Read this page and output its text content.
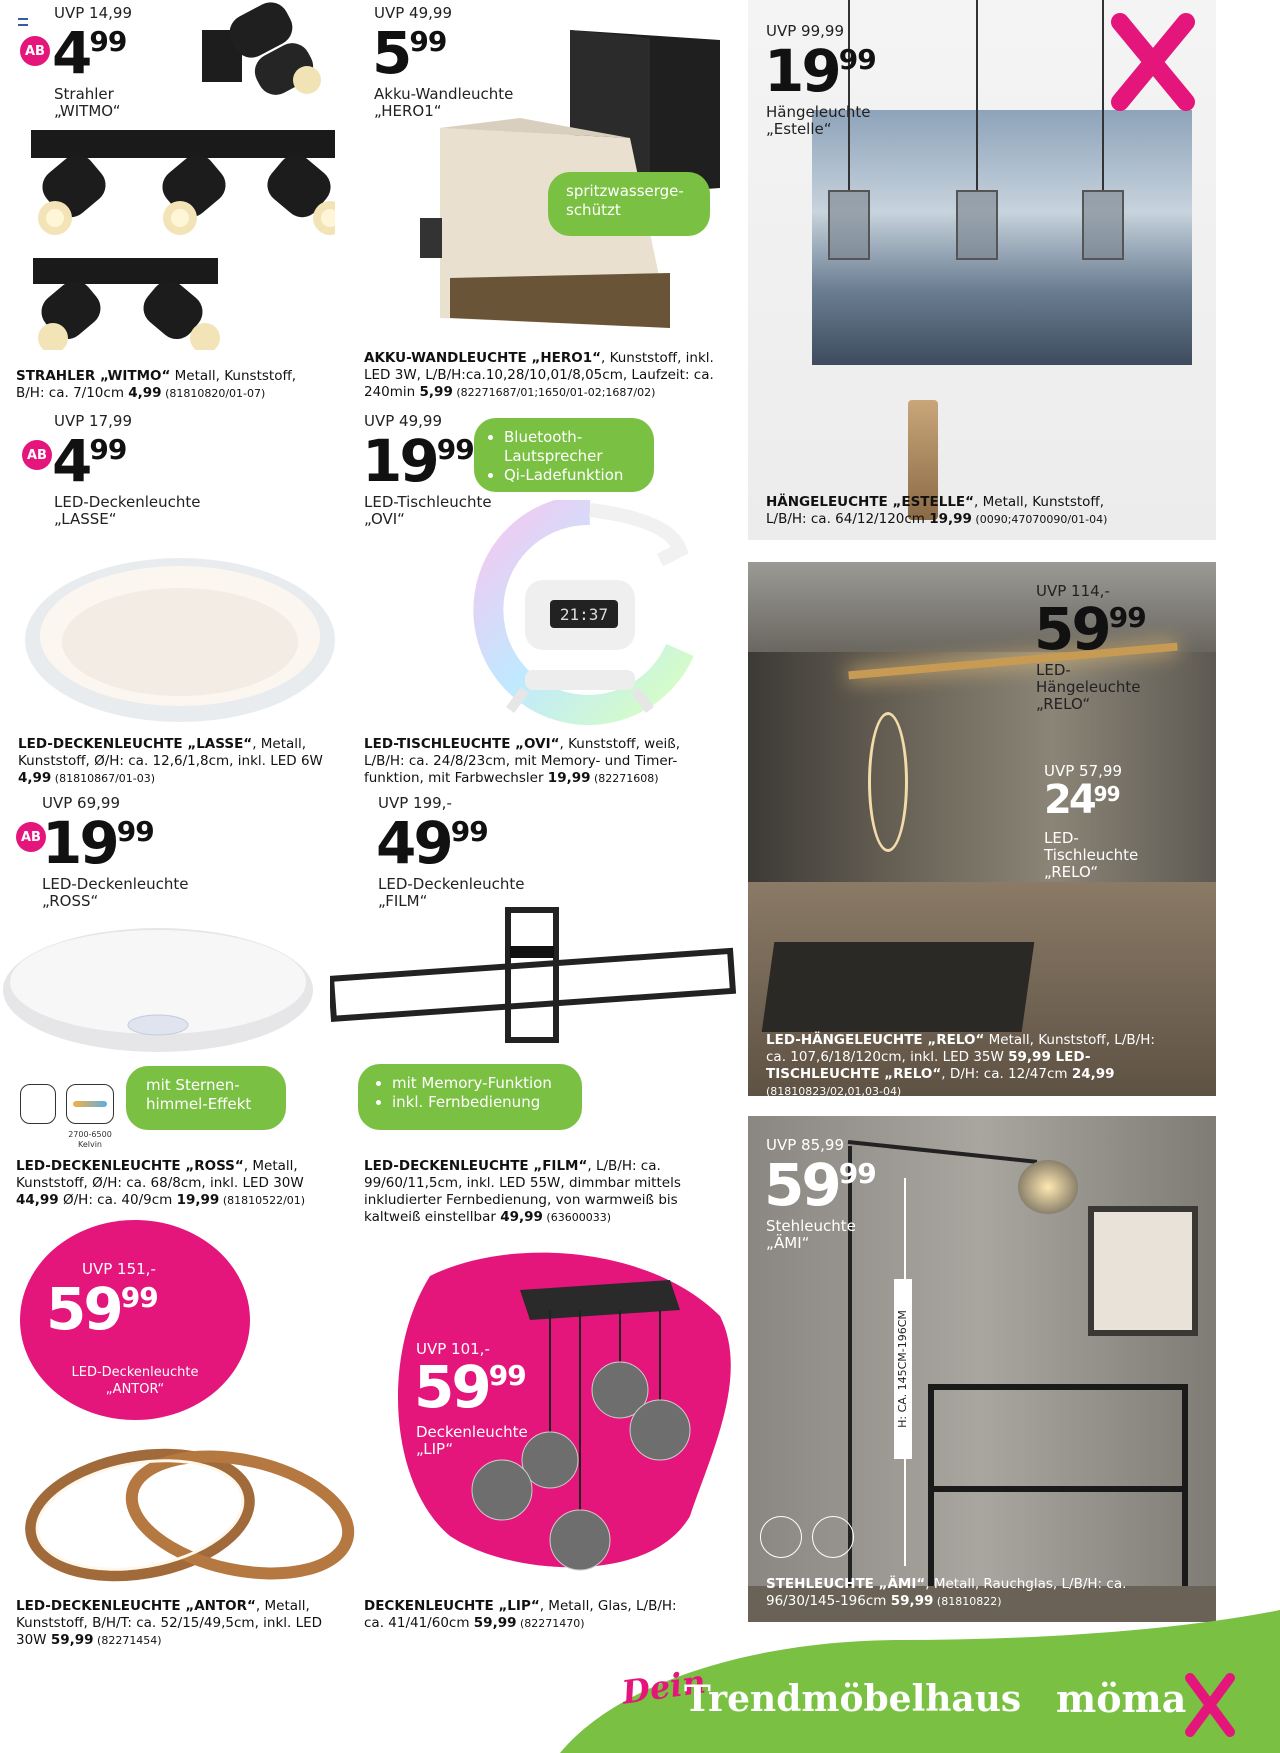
UVP 14,99
AB 499
Strahler
„WITMO“
STRAHLER „WITMO“ Metall, Kunststoff, B/H: ca. 7/10cm 4,99 (81810820/01-07)
UVP 49,99
599
Akku-Wandleuchte
„HERO1“
spritzwasserge-schützt
AKKU-WANDLEUCHTE „HERO1“, Kunststoff, inkl. LED 3W, L/B/H:ca.10,28/10,01/8,05cm, Laufzeit: ca. 240min 5,99 (82271687/01;1650/01-02;1687/02)
UVP 99,99
1999
Hängeleuchte
„Estelle“
HÄNGELEUCHTE „ESTELLE“, Metall, Kunststoff, L/B/H: ca. 64/12/120cm 19,99 (0090;47070090/01-04)
UVP 17,99
AB 499
LED-Deckenleuchte
„LASSE“
LED-DECKENLEUCHTE „LASSE“, Metall, Kunststoff, Ø/H: ca. 12,6/1,8cm, inkl. LED 6W 4,99 (81810867/01-03)
UVP 49,99
1999
LED-Tischleuchte
„OVI“
• Bluetooth-Lautsprecher
• Qi-Ladefunktion
21:37
LED-TISCHLEUCHTE „OVI“, Kunststoff, weiß, L/B/H: ca. 24/8/23cm, mit Memory- und Timer-funktion, mit Farbwechsler 19,99 (82271608)
UVP 114,-
5999
LED-Hängeleuchte
„RELO“
UVP 57,99
2499
LED-Tischleuchte
„RELO“
LED-HÄNGELEUCHTE „RELO“ Metall, Kunststoff, L/B/H: ca. 107,6/18/120cm, inkl. LED 35W 59,99 LED-TISCHLEUCHTE „RELO“, D/H: ca. 12/47cm 24,99 (81810823/02,01,03-04)
UVP 69,99
AB 1999
LED-Deckenleuchte
„ROSS“
mit Sternen-himmel-Effekt
2700-6500 Kelvin
LED-DECKENLEUCHTE „ROSS“, Metall, Kunststoff, Ø/H: ca. 68/8cm, inkl. LED 30W 44,99 Ø/H: ca. 40/9cm 19,99 (81810522/01)
UVP 199,-
4999
LED-Deckenleuchte
„FILM“
• mit Memory-Funktion
• inkl. Fernbedienung
LED-DECKENLEUCHTE „FILM“, L/B/H: ca. 99/60/11,5cm, inkl. LED 55W, dimmbar mittels inkludierter Fernbedienung, von warmweiß bis kaltweiß einstellbar 49,99 (63600033)
UVP 85,99
5999
Stehleuchte
„ÄMI“
H: CA. 145CM-196CM
STEHLEUCHTE „ÄMI“, Metall, Rauchglas, L/B/H: ca. 96/30/145-196cm 59,99 (81810822)
UVP 151,-
5999
LED-Deckenleuchte
„ANTOR“
LED-DECKENLEUCHTE „ANTOR“, Metall, Kunststoff, B/H/T: ca. 52/15/49,5cm, inkl. LED 30W 59,99 (82271454)
UVP 101,-
5999
Deckenleuchte
„LIP“
DECKENLEUCHTE „LIP“, Metall, Glas, L/B/H: ca. 41/41/60cm 59,99 (82271470)
Dein
Trendmöbelhaus möma
